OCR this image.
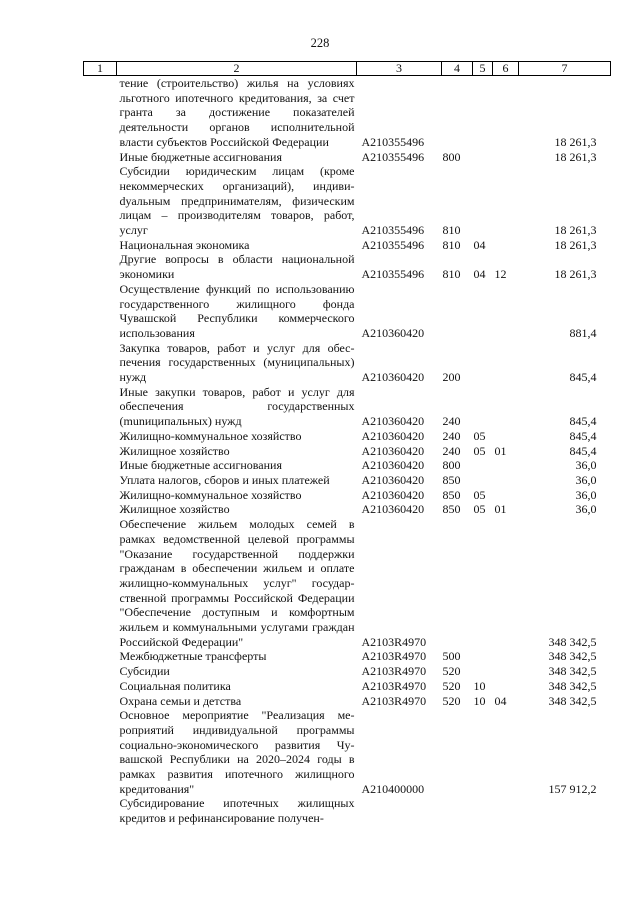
228
1	2	3	4	5	6	7
	тение (строительство) жилья на условиях льготного ипотечного кредитования, за счет гранта за достижение показателей деятельности органов исполнительной власти субъектов Российской Федерации	A210355496				18 261,3
	Иные бюджетные ассигнования	A210355496	800			18 261,3
	Субсидии юридическим лицам (кроме некоммерческих организаций), индивиdуальным предпринимателям, физическим лицам – производителям товаров, работ, услуг	A210355496	810			18 261,3
	Национальная экономика	A210355496	810	04		18 261,3
	Другие вопросы в области национальной экономики	A210355496	810	04	12	18 261,3
	Осуществление функций по использованию государственного жилищного фонда Чувашской Республики коммерческого использования	A210360420				881,4
	Закупка товаров, работ и услуг для обеспечения государственных (муниципальных) нужд	A210360420	200			845,4
	Иные закупки товаров, работ и услуг для обеспечения государственных (munиципальных) нужд	A210360420	240			845,4
	Жилищно-коммунальное хозяйство	A210360420	240	05		845,4
	Жилищное хозяйство	A210360420	240	05	01	845,4
	Иные бюджетные ассигнования	A210360420	800			36,0
	Уплата налогов, сборов и иных платежей	A210360420	850			36,0
	Жилищно-коммунальное хозяйство	A210360420	850	05		36,0
	Жилищное хозяйство	A210360420	850	05	01	36,0
	Обеспечение жильем молодых семей в рамках ведомственной целевой программы "Оказание государственной поддержки гражданам в обеспечении жильем и оплате жилищно-коммунальных услуг" государственной программы Российской Федерации "Обеспечение доступным и комфортным жильем и коммунальными услугами граждан Российской Федерации"	A2103R4970				348 342,5
	Межбюджетные трансферты	A2103R4970	500			348 342,5
	Субсидии	A2103R4970	520			348 342,5
	Социальная политика	A2103R4970	520	10		348 342,5
	Охрана семьи и детства	A2103R4970	520	10	04	348 342,5
	Основное мероприятие "Реализация мероприятий индивидуальной программы социально-экономического развития Чувашской Республики на 2020–2024 годы в рамках развития ипотечного жилищного кредитования"	A210400000				157 912,2
	Субсидирование ипотечных жилищных кредитов и рефинансирование получен-					
